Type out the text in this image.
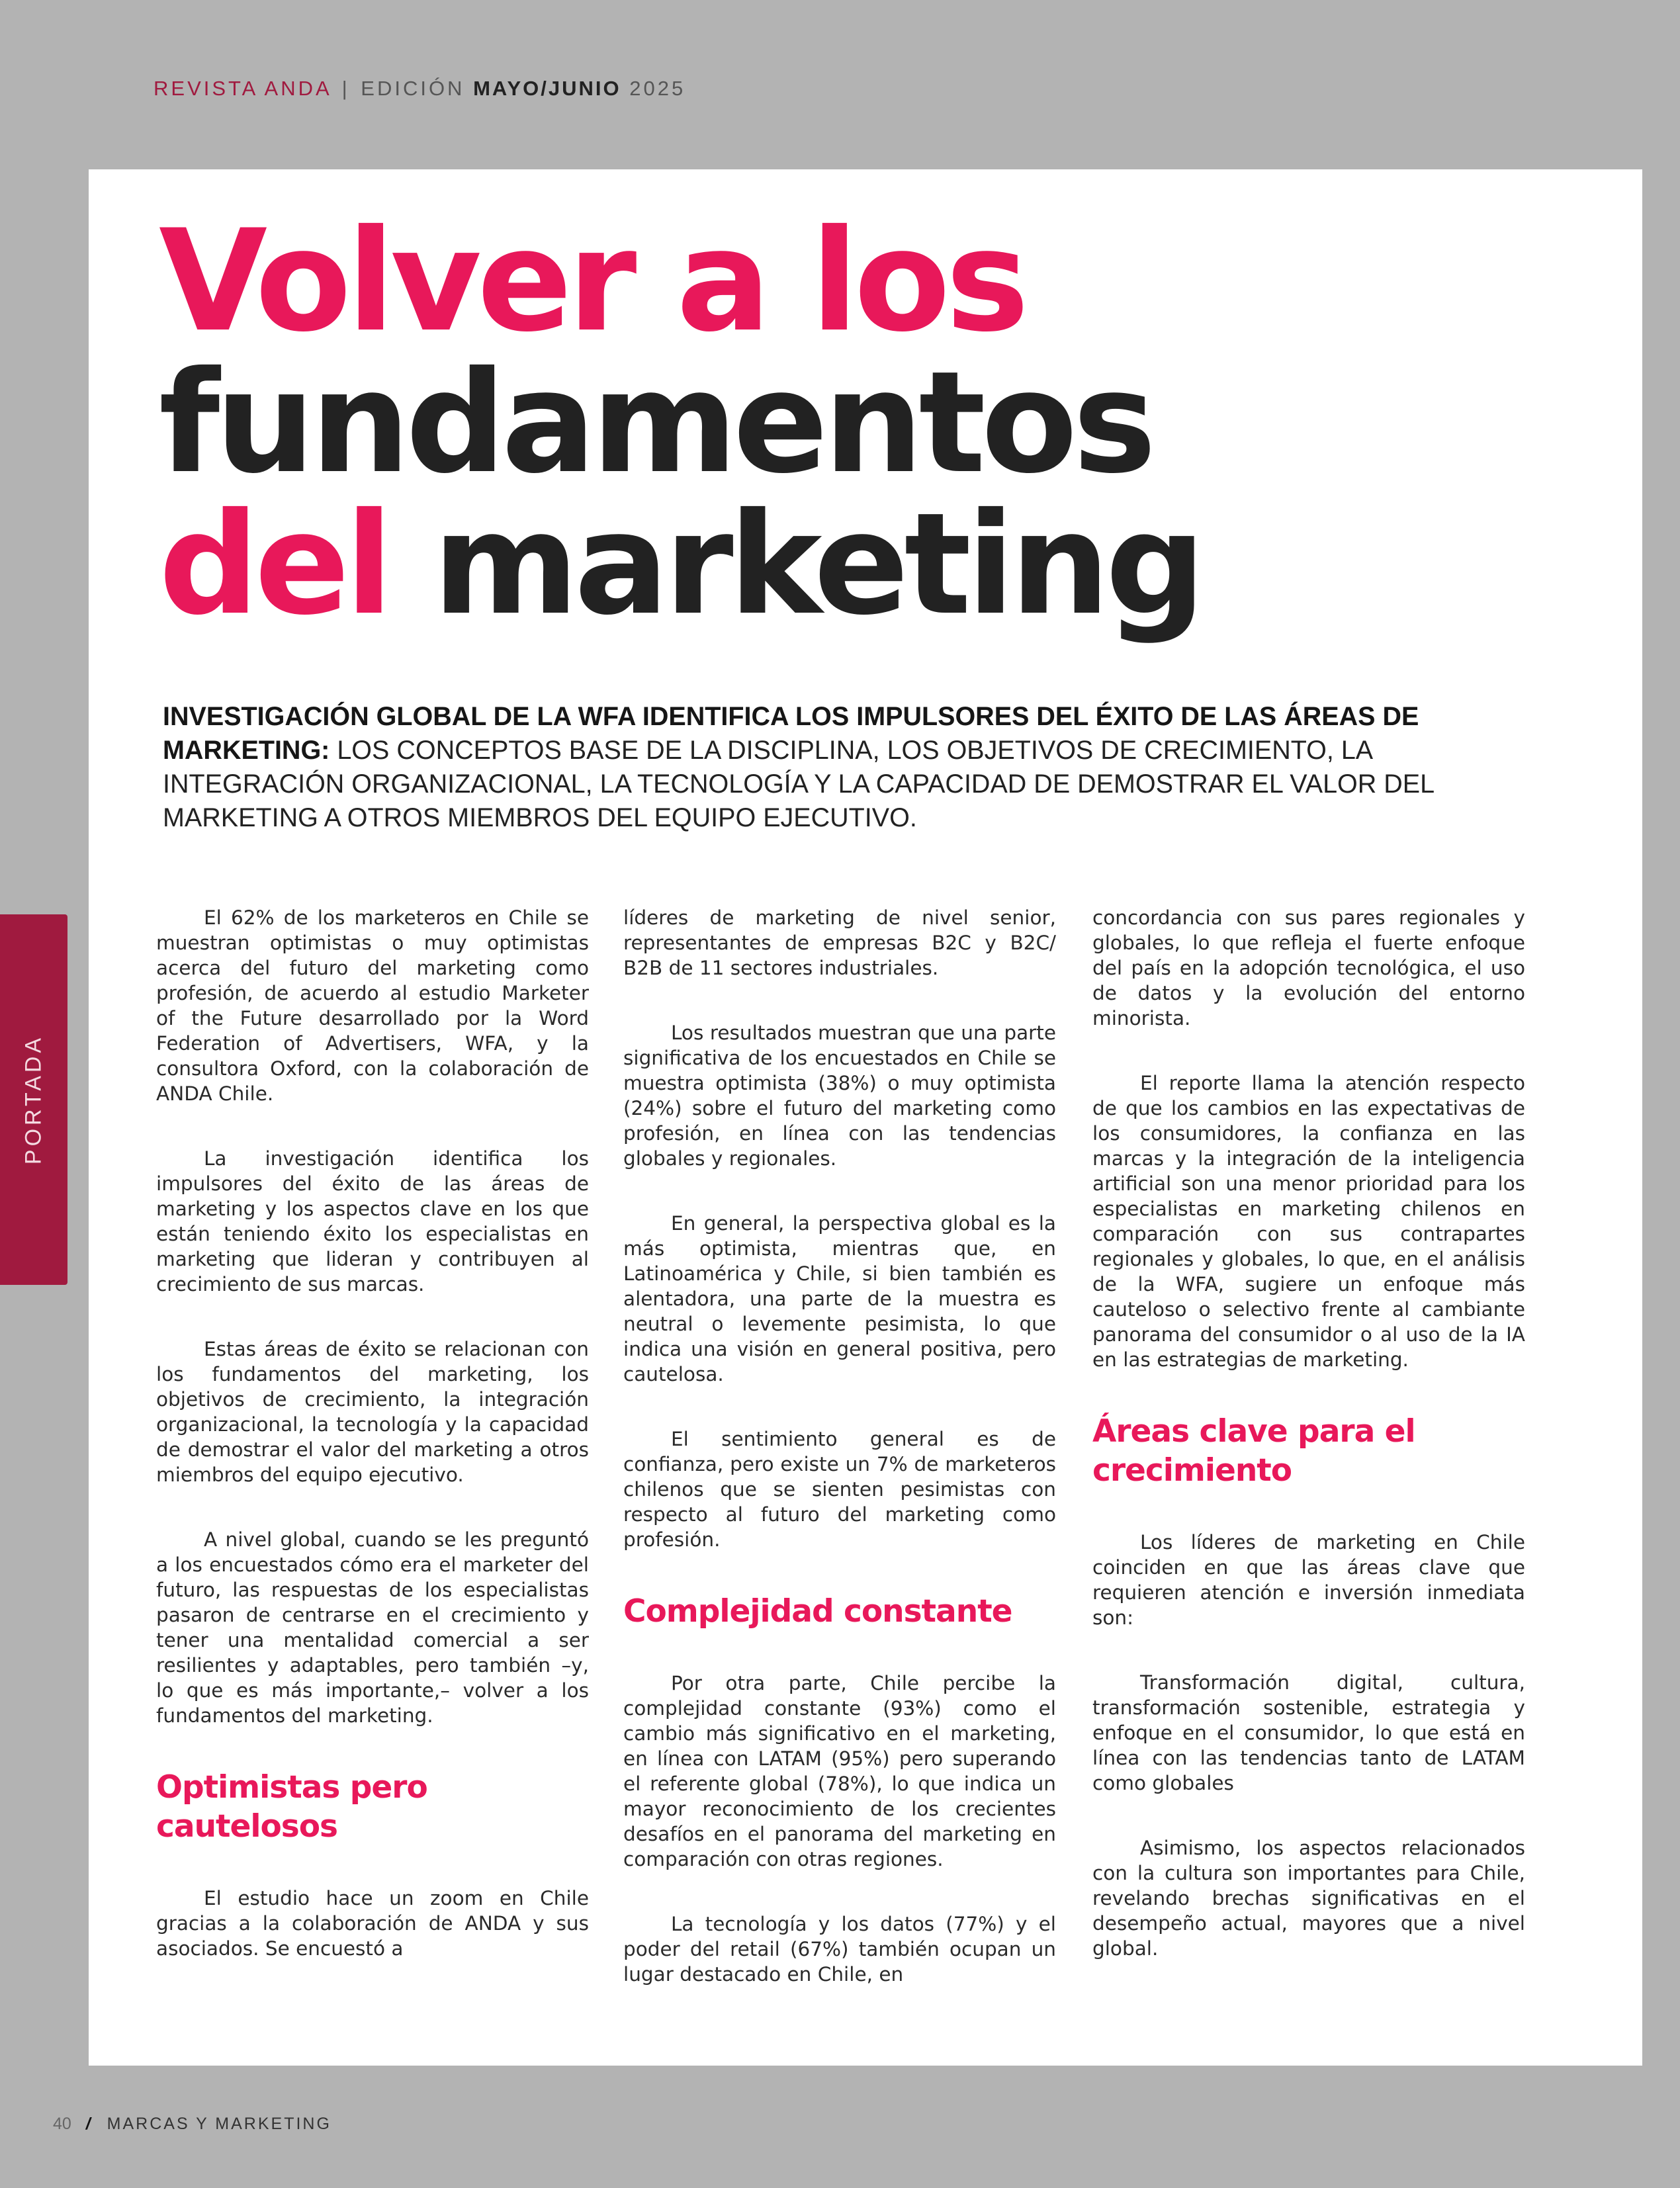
REVISTA ANDA | EDICIÓN MAYO/JUNIO 2025
Volver a los
fundamentos
del marketing
INVESTIGACIÓN GLOBAL DE LA WFA IDENTIFICA LOS IMPULSORES DEL ÉXITO DE LAS ÁREAS DE MARKETING: LOS CONCEPTOS BASE DE LA DISCIPLINA, LOS OBJETIVOS DE CRECIMIENTO, LA INTEGRACIÓN ORGANIZACIONAL, LA TECNOLOGÍA Y LA CAPACIDAD DE DEMOSTRAR EL VALOR DEL MARKETING A OTROS MIEMBROS DEL EQUIPO EJECUTIVO.

El 62% de los marketeros en Chile se muestran optimistas o muy optimistas acerca del futuro del marketing como profesión, de acuerdo al estudio Marketer of the Future desarrollado por la Word Federation of Advertisers, WFA, y la consultora Oxford, con la colaboración de ANDA Chile.

La investigación identifica los impulsores del éxito de las áreas de marketing y los aspectos clave en los que están teniendo éxito los especialistas en marketing que lideran y contribuyen al crecimiento de sus marcas.

Estas áreas de éxito se relacionan con los fundamentos del marketing, los objetivos de crecimiento, la integración organizacional, la tecnología y la capacidad de demostrar el valor del marketing a otros miembros del equipo ejecutivo.

A nivel global, cuando se les preguntó a los encuestados cómo era el marketer del futuro, las respuestas de los especialistas pasaron de centrarse en el crecimiento y tener una mentalidad comercial a ser resilientes y adaptables, pero también –y, lo que es más importante,– volver a los fundamentos del marketing.

Optimistas pero cautelosos

El estudio hace un zoom en Chile gracias a la colaboración de ANDA y sus asociados. Se encuestó a

líderes de marketing de nivel senior, representantes de empresas B2C y B2C/ B2B de 11 sectores industriales.

Los resultados muestran que una parte significativa de los encuestados en Chile se muestra optimista (38%) o muy optimista (24%) sobre el futuro del marketing como profesión, en línea con las tendencias globales y regionales.

En general, la perspectiva global es la más optimista, mientras que, en Latinoamérica y Chile, si bien también es alentadora, una parte de la muestra es neutral o levemente pesimista, lo que indica una visión en general positiva, pero cautelosa.

El sentimiento general es de confianza, pero existe un 7% de marketeros chilenos que se sienten pesimistas con respecto al futuro del marketing como profesión.

Complejidad constante

Por otra parte, Chile percibe la complejidad constante (93%) como el cambio más significativo en el marketing, en línea con LATAM (95%) pero superando el referente global (78%), lo que indica un mayor reconocimiento de los crecientes desafíos en el panorama del marketing en comparación con otras regiones.

La tecnología y los datos (77%) y el poder del retail (67%) también ocupan un lugar destacado en Chile, en

concordancia con sus pares regionales y globales, lo que refleja el fuerte enfoque del país en la adopción tecnológica, el uso de datos y la evolución del entorno minorista.

El reporte llama la atención respecto de que los cambios en las expectativas de los consumidores, la confianza en las marcas y la integración de la inteligencia artificial son una menor prioridad para los especialistas en marketing chilenos en comparación con sus contrapartes regionales y globales, lo que, en el análisis de la WFA, sugiere un enfoque más cauteloso o selectivo frente al cambiante panorama del consumidor o al uso de la IA en las estrategias de marketing.

Áreas clave para el crecimiento

Los líderes de marketing en Chile coinciden en que las áreas clave que requieren atención e inversión inmediata son:

Transformación digital, cultura, transformación sostenible, estrategia y enfoque en el consumidor, lo que está en línea con las tendencias tanto de LATAM como globales

Asimismo, los aspectos relacionados con la cultura son importantes para Chile, revelando brechas significativas en el desempeño actual, mayores que a nivel global.

PORTADA
40 / MARCAS Y MARKETING
